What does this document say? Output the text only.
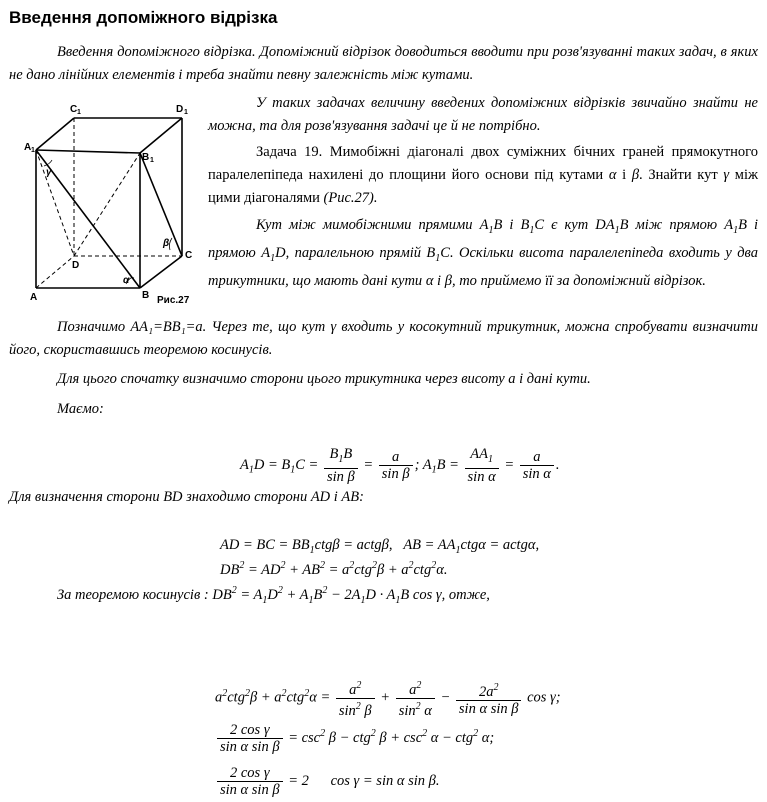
Введення допоміжного відрізка
Введення допоміжного відрізка. Допоміжний відрізок доводиться вводити при розв'язуванні таких задач, в яких не дано лінійних елементів і треба знайти певну залежність між кутами.
C 1	D 1
A 1
B 1
D
C
A	B
γ
β
α
Рис.27
У таких задачах величину введених допоміжних відрізків звичайно знайти не можна, та для розв'язування задачі це й не потрібно.
Задача 19. Мимобіжні діагоналі двох суміжних бічних граней прямокутного паралелепіпеда нахилені до площини його основи під кутами α і β. Знайти кут γ між цими діагоналями (Рис.27).
Кут між мимобіжними прямими $A_1B$ і $B_1C$ є кут $DA_1B$ між прямою $A_1B$ і прямою $A_1D$, паралельною прямій $B_1C$. Оскільки висота паралелепіпеда входить у два трикутники, що мають дані кути α і β, то приймемо її за допоміжний відрізок.
Позначимо AA₁=BB₁=a. Через те, що кут γ входить у косокутний трикутник, можна спробувати визначити його, скориставшись теоремою косинусів.
Для цього спочатку визначимо сторони цього трикутника через висоту a і дані кути.
Маємо:
$A_1D = B_1C = \frac{B_1B}{\text{sin β}} = \frac{a}{\text{sin β}}$ ; $A_1B = \frac{AA_1}{\text{sin α}} = \frac{a}{\text{sin α}}$ .
Для визначення сторони BD знаходимо сторони AD і AB:
AD = BC = $BB_1ctg\beta$ = actgβ,   AB = $AA_1ctg\alpha$ = actgα,
$DB^2 = AD^2 + AB^2 = a^2ctg^2\beta + a^2ctg^2\alpha$.
За теоремою косинусів : $DB^2 = A_1D^2 + A_1B^2 - 2A_1D \cdot A_1B$ cos γ, отже,
$a^2ctg^2\beta + a^2ctg^2\alpha = \frac{a^2}{\sin^2 \beta} + \frac{a^2}{\sin^2 \alpha} - \frac{2a^2}{\text{sin α sin β}}$ cos γ;
$\frac{\text{2 cos γ}}{\text{sin α sin β}} = \csc^2 \beta - ctg^2$ $\beta + \csc^2 \alpha - ctg^2$ α;
$\frac{\text{2 cos γ}}{\text{sin α sin β}} = 2$      cos γ = sin α sin β.
